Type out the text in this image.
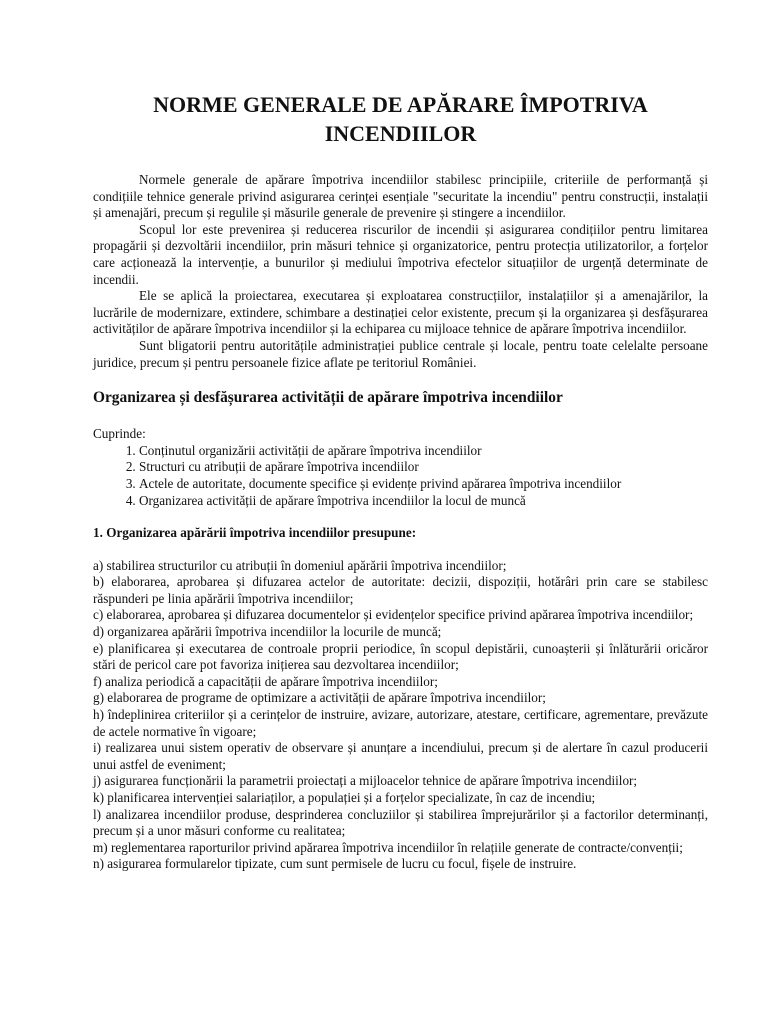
NORME GENERALE DE APĂRARE ÎMPOTRIVA INCENDIILOR

Normele generale de apărare împotriva incendiilor stabilesc principiile, criteriile de performanță și condițiile tehnice generale privind asigurarea cerinței esențiale "securitate la incendiu" pentru construcții, instalații și amenajări, precum și regulile și măsurile generale de prevenire și stingere a incendiilor.

Scopul lor este prevenirea și reducerea riscurilor de incendii și asigurarea condițiilor pentru limitarea propagării și dezvoltării incendiilor, prin măsuri tehnice și organizatorice, pentru protecția utilizatorilor, a forțelor care acționează la intervenție, a bunurilor și mediului împotriva efectelor situațiilor de urgență determinate de incendii.

Ele se aplică la proiectarea, executarea și exploatarea construcțiilor, instalațiilor și a amenajărilor, la lucrările de modernizare, extindere, schimbare a destinației celor existente, precum și la organizarea și desfășurarea activităților de apărare împotriva incendiilor și la echiparea cu mijloace tehnice de apărare împotriva incendiilor.

Sunt bligatorii pentru autoritățile administrației publice centrale și locale, pentru toate celelalte persoane juridice, precum și pentru persoanele fizice aflate pe teritoriul României.

Organizarea și desfășurarea activității de apărare împotriva incendiilor

Cuprinde:

1. Conținutul organizării activității de apărare împotriva incendiilor
2. Structuri cu atribuții de apărare împotriva incendiilor
3. Actele de autoritate, documente specifice și evidențe privind apărarea împotriva incendiilor
4. Organizarea activității de apărare împotriva incendiilor la locul de muncă

1. Organizarea apărării împotriva incendiilor presupune:

a) stabilirea structurilor cu atribuții în domeniul apărării împotriva incendiilor;

b) elaborarea, aprobarea și difuzarea actelor de autoritate: decizii, dispoziții, hotărâri prin care se stabilesc răspunderi pe linia apărării împotriva incendiilor;

c) elaborarea, aprobarea și difuzarea documentelor și evidențelor specifice privind apărarea împotriva incendiilor;

d) organizarea apărării împotriva incendiilor la locurile de muncă;

e) planificarea și executarea de controale proprii periodice, în scopul depistării, cunoașterii și înlăturării oricăror stări de pericol care pot favoriza inițierea sau dezvoltarea incendiilor;

f) analiza periodică a capacității de apărare împotriva incendiilor;

g) elaborarea de programe de optimizare a activității de apărare împotriva incendiilor;

h) îndeplinirea criteriilor și a cerințelor de instruire, avizare, autorizare, atestare, certificare, agrementare, prevăzute de actele normative în vigoare;

i) realizarea unui sistem operativ de observare și anunțare a incendiului, precum și de alertare în cazul producerii unui astfel de eveniment;

j) asigurarea funcționării la parametrii proiectați a mijloacelor tehnice de apărare împotriva incendiilor;

k) planificarea intervenției salariaților, a populației și a forțelor specializate, în caz de incendiu;

l) analizarea incendiilor produse, desprinderea concluziilor și stabilirea împrejurărilor și a factorilor determinanți, precum și a unor măsuri conforme cu realitatea;

m) reglementarea raporturilor privind apărarea împotriva incendiilor în relațiile generate de contracte/convenții;

n) asigurarea formularelor tipizate, cum sunt permisele de lucru cu focul, fișele de instruire.
